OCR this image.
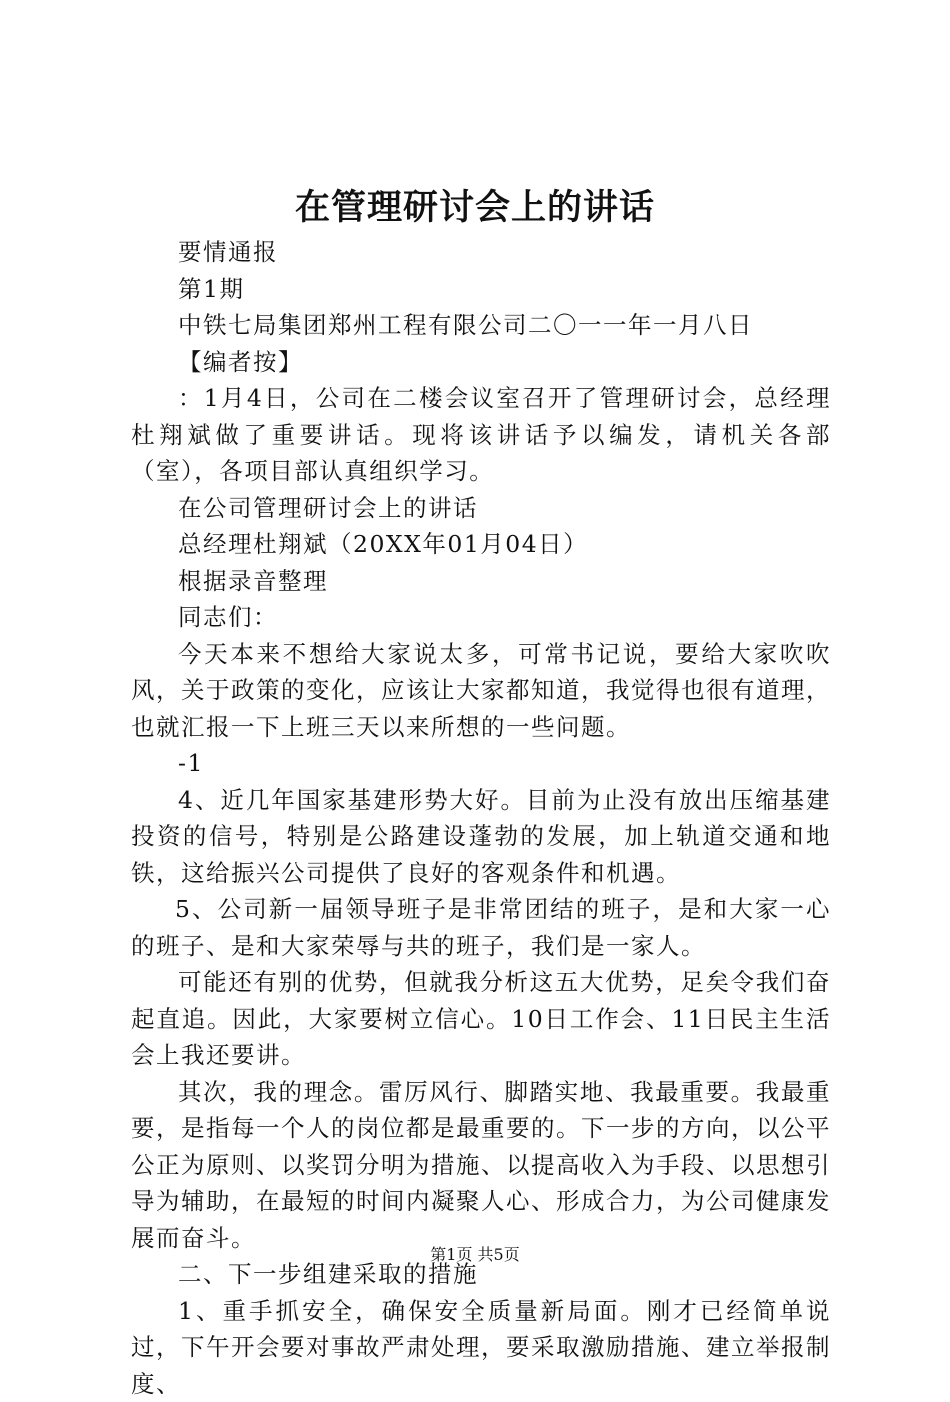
在管理研讨会上的讲话

要情通报

第1期

中铁七局集团郑州工程有限公司二〇一一年一月八日

【编者按】

：1月4日，公司在二楼会议室召开了管理研讨会，总经理杜翔斌做了重要讲话。现将该讲话予以编发，请机关各部（室），各项目部认真组织学习。

在公司管理研讨会上的讲话

总经理杜翔斌（20XX年01月04日）

根据录音整理

同志们：

今天本来不想给大家说太多，可常书记说，要给大家吹吹风，关于政策的变化，应该让大家都知道，我觉得也很有道理，也就汇报一下上班三天以来所想的一些问题。

-1

4、近几年国家基建形势大好。目前为止没有放出压缩基建投资的信号，特别是公路建设蓬勃的发展，加上轨道交通和地铁，这给振兴公司提供了良好的客观条件和机遇。

5、公司新一届领导班子是非常团结的班子，是和大家一心的班子、是和大家荣辱与共的班子，我们是一家人。

可能还有别的优势，但就我分析这五大优势，足矣令我们奋起直追。因此，大家要树立信心。10日工作会、11日民主生活会上我还要讲。

其次，我的理念。雷厉风行、脚踏实地、我最重要。我最重要，是指每一个人的岗位都是最重要的。下一步的方向，以公平公正为原则、以奖罚分明为措施、以提高收入为手段、以思想引导为辅助，在最短的时间内凝聚人心、形成合力，为公司健康发展而奋斗。

二、下一步组建采取的措施

1、重手抓安全，确保安全质量新局面。刚才已经简单说过，下午开会要对事故严肃处理，要采取激励措施、建立举报制度、

第1页 共5页
